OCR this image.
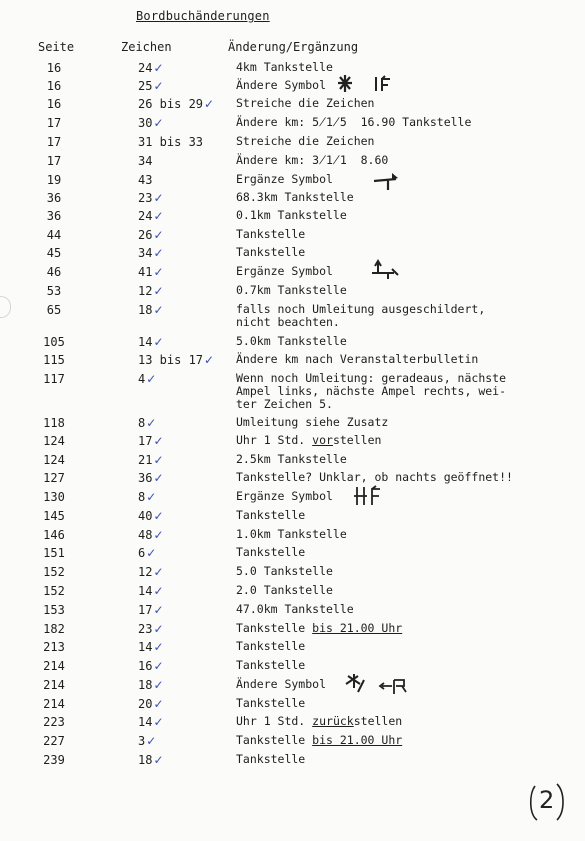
Bordbuchänderungen
Seite	Zeichen	Änderung/Ergänzung
16	24✓	4km Tankstelle
16	25✓	Ändere Symbol
16	26 bis 29✓ Streiche die Zeichen
17	30✓	Ändere km: 5̸1̸5  16.90 Tankstelle
17	31 bis 33	Streiche die Zeichen
17	34	Ändere km: 3̸1̸1  8.60
19	43	Ergänze Symbol
36	23✓	68.3km Tankstelle
36	24✓	0.1km Tankstelle
44	26✓	Tankstelle
45	34✓	Tankstelle
46	41✓	Ergänze Symbol
53	12✓	0.7km Tankstelle
65	18✓	falls noch Umleitung ausgeschildert,
nicht beachten.
105	14✓	5.0km Tankstelle
115	13 bis 17✓ Ändere km nach Veranstalterbulletin
117	4✓	Wenn noch Umleitung: geradeaus, nächste
Ampel links, nächste Ampel rechts, wei-
ter Zeichen 5.
118	8✓	Umleitung siehe Zusatz
124	17✓	Uhr 1 Std. vorstellen
124	21✓	2.5km Tankstelle
127	36✓	Tankstelle? Unklar, ob nachts geöffnet!!
130	8✓	Ergänze Symbol
145	40✓	Tankstelle
146	48✓	1.0km Tankstelle
151	6✓	Tankstelle
152	12✓	5.0 Tankstelle
152	14✓	2.0 Tankstelle
153	17✓	47.0km Tankstelle
182	23✓	Tankstelle bis 21.00 Uhr
213	14✓	Tankstelle
214	16✓	Tankstelle
214	18✓	Ändere Symbol
214	20✓	Tankstelle
223	14✓	Uhr 1 Std. zurückstellen
227	3✓	Tankstelle bis 21.00 Uhr
239	18✓	Tankstelle
2
